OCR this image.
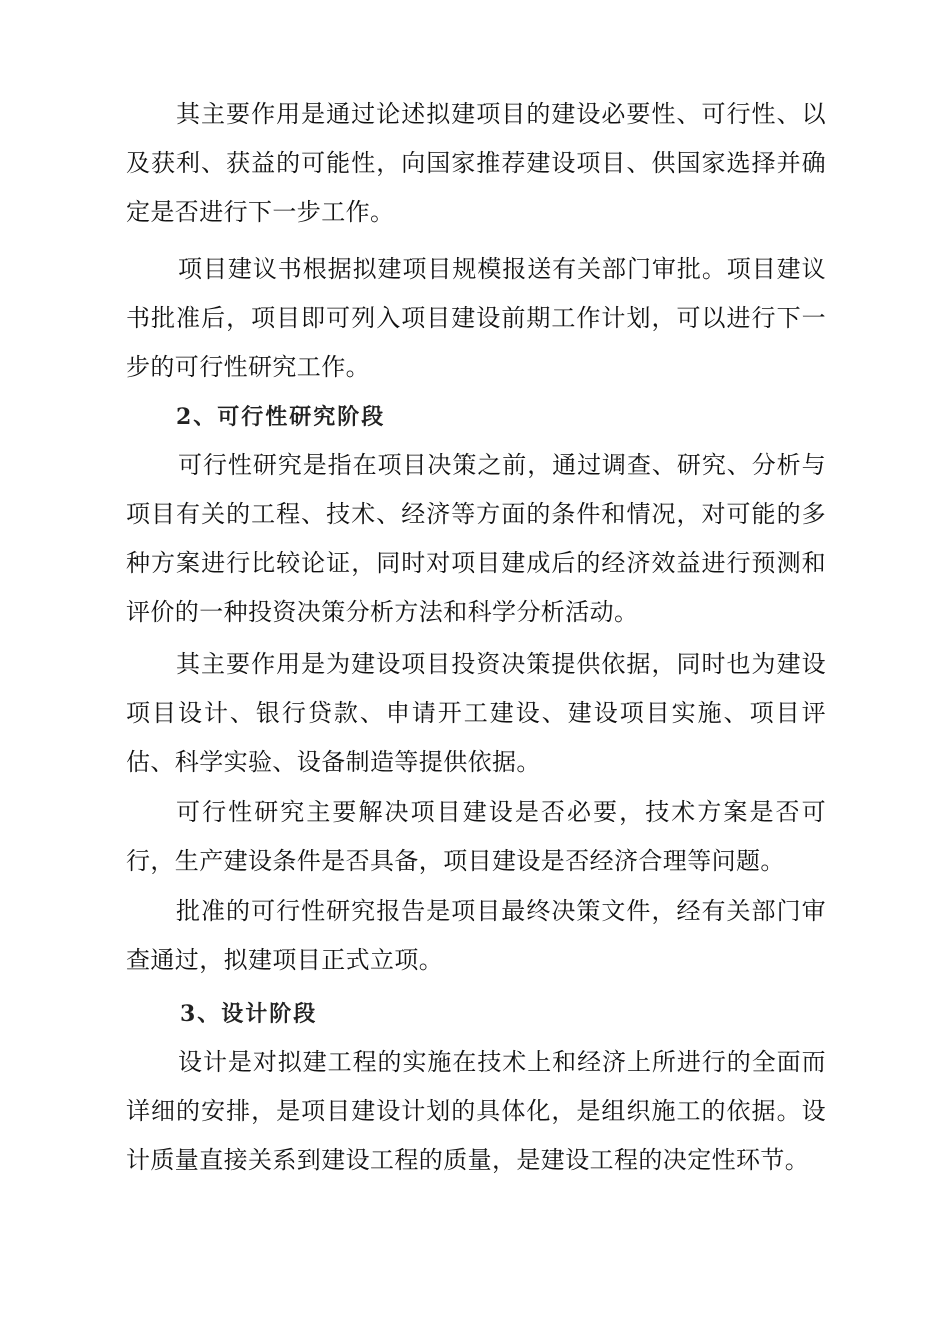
其主要作用是通过论述拟建项目的建设必要性、可行性、以及获利、获益的可能性，向国家推荐建设项目、供国家选择并确定是否进行下一步工作。

项目建议书根据拟建项目规模报送有关部门审批。项目建议书批准后，项目即可列入项目建设前期工作计划，可以进行下一步的可行性研究工作。

2、可行性研究阶段

可行性研究是指在项目决策之前，通过调查、研究、分析与项目有关的工程、技术、经济等方面的条件和情况，对可能的多种方案进行比较论证，同时对项目建成后的经济效益进行预测和评价的一种投资决策分析方法和科学分析活动。

其主要作用是为建设项目投资决策提供依据，同时也为建设项目设计、银行贷款、申请开工建设、建设项目实施、项目评估、科学实验、设备制造等提供依据。

可行性研究主要解决项目建设是否必要，技术方案是否可行，生产建设条件是否具备，项目建设是否经济合理等问题。

批准的可行性研究报告是项目最终决策文件，经有关部门审查通过，拟建项目正式立项。

3、设计阶段

设计是对拟建工程的实施在技术上和经济上所进行的全面而详细的安排，是项目建设计划的具体化，是组织施工的依据。设计质量直接关系到建设工程的质量，是建设工程的决定性环节。
